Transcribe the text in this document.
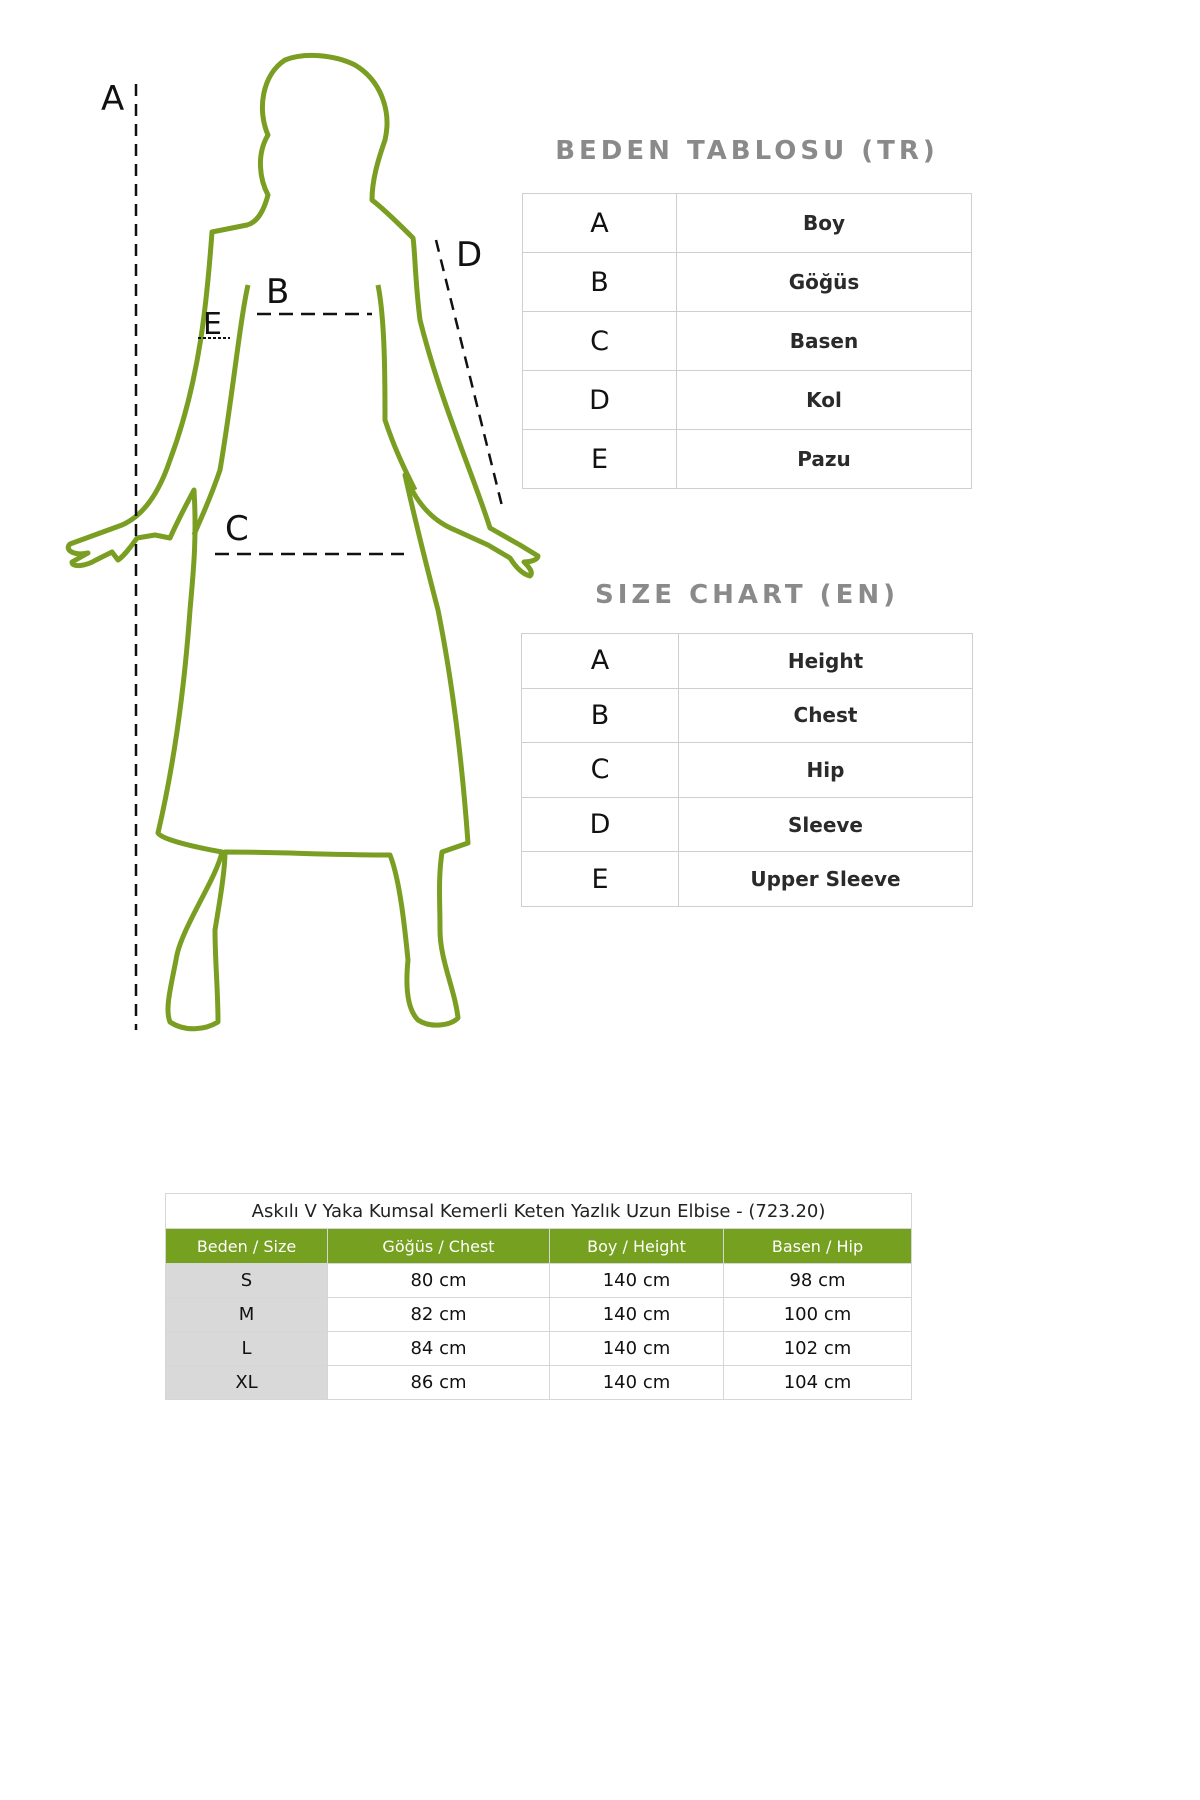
A
B
C
D
E
BEDEN TABLOSU (TR)
A	Boy
B	Göğüs
C	Basen
D	Kol
E	Pazu
SIZE CHART (EN)
A	Height
B	Chest
C	Hip
D	Sleeve
E	Upper Sleeve
Askılı V Yaka Kumsal Kemerli Keten Yazlık Uzun Elbise - (723.20)			
Beden / Size	Göğüs / Chest	Boy / Height	Basen / Hip
S	80 cm	140 cm	98 cm
M	82 cm	140 cm	100 cm
L	84 cm	140 cm	102 cm
XL	86 cm	140 cm	104 cm
